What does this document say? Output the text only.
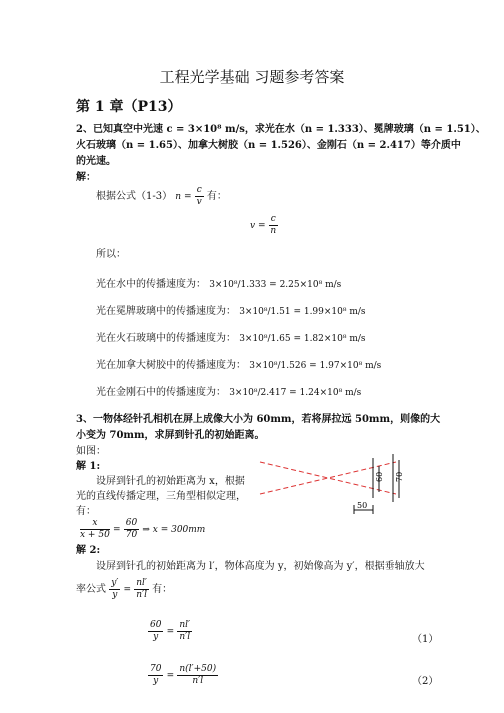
工程光学基础 习题参考答案
第 1 章（P13）
2、已知真空中光速 c = 3×10⁸ m/s，求光在水（n = 1.333）、冕牌玻璃（n = 1.51）、
火石玻璃（n = 1.65）、加拿大树胶（n = 1.526）、金刚石（n = 2.417）等介质中
的光速。
解：
根据公式（1-3） $n = \frac{c}{v}$ 有：
$v = \frac{c}{n}$
所以：
光在水中的传播速度为： 3×10⁸/1.333 = 2.25×10⁸ m/s
光在冕牌玻璃中的传播速度为： 3×10⁸/1.51 = 1.99×10⁸ m/s
光在火石玻璃中的传播速度为： 3×10⁸/1.65 = 1.82×10⁸ m/s
光在加拿大树胶中的传播速度为： 3×10⁸/1.526 = 1.97×10⁸ m/s
光在金刚石中的传播速度为： 3×10⁸/2.417 = 1.24×10⁸ m/s
3、一物体经针孔相机在屏上成像大小为 60mm，若将屏拉远 50mm，则像的大
小变为 70mm，求屏到针孔的初始距离。
如图：
解 1:
设屏到针孔的初始距离为 x，根据
光的直线传播定理，三角型相似定理，
有：
$\frac{x}{x + 50} = \frac{60}{70}$ ⇒ x = 300mm
60 70
50
解 2:
设屏到针孔的初始距离为 l′，物体高度为 y，初始像高为 y′，根据垂轴放大
率公式 $\frac{y'}{y} = \frac{nl'}{n'l}$ 有：
$\frac{60}{y} = \frac{nl'}{n'l}$	（1）
$\frac{70}{y} = \frac{n(l'+50)}{n'l}$	（2）
